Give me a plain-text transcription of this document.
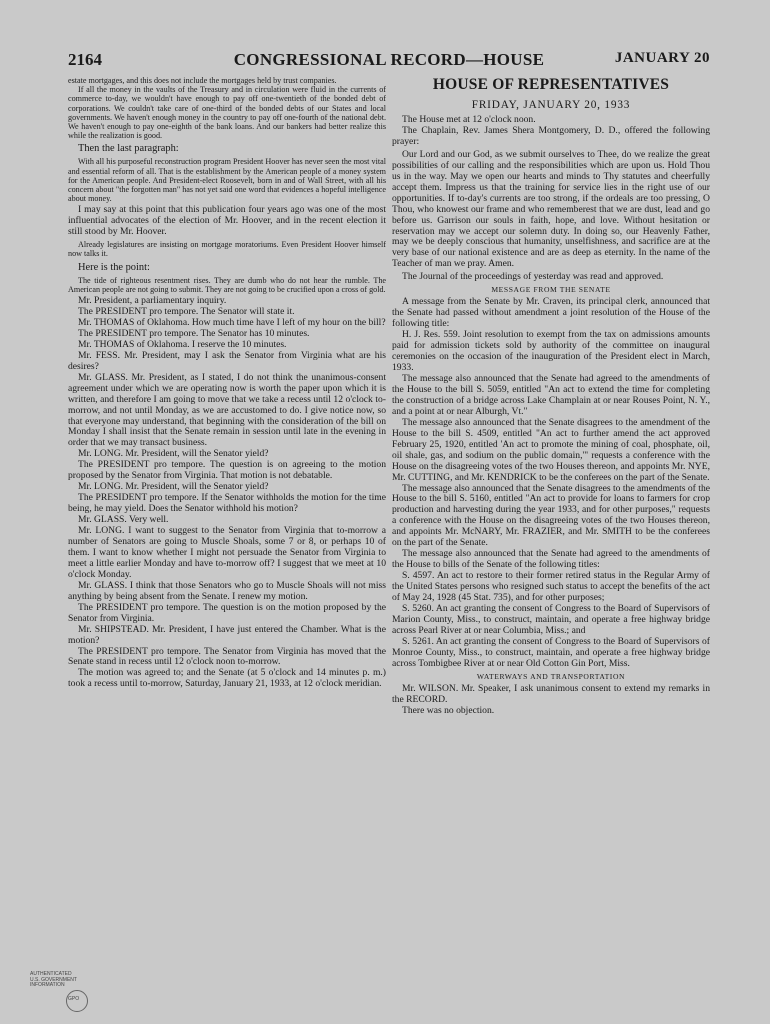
2164	CONGRESSIONAL RECORD—HOUSE	JANUARY 20

estate mortgages, and this does not include the mortgages held by trust companies.

If all the money in the vaults of the Treasury and in circulation were fluid in the currents of commerce to-day, we wouldn't have enough to pay off one-twentieth of the bonded debt of corporations. We couldn't take care of one-third of the bonded debts of our States and local governments. We haven't enough money in the country to pay off one-fourth of the national debt. We haven't enough to pay one-eighth of the bank loans. And our bankers had better realize this while the realization is good.

Then the last paragraph:

With all his purposeful reconstruction program President Hoover has never seen the most vital and essential reform of all. That is the establishment by the American people of a money system for the American people. And President-elect Roosevelt, born in and of Wall Street, with all his concern about "the forgotten man" has not yet said one word that evidences a hopeful intelligence about money.

I may say at this point that this publication four years ago was one of the most influential advocates of the election of Mr. Hoover, and in the recent election it still stood by Mr. Hoover.

Already legislatures are insisting on mortgage moratoriums. Even President Hoover himself now talks it.

Here is the point:

The tide of righteous resentment rises. They are dumb who do not hear the rumble. The American people are not going to submit. They are not going to be crucified upon a cross of gold.

Mr. President, a parliamentary inquiry.

The PRESIDENT pro tempore. The Senator will state it.

Mr. THOMAS of Oklahoma. How much time have I left of my hour on the bill?

The PRESIDENT pro tempore. The Senator has 10 minutes.

Mr. THOMAS of Oklahoma. I reserve the 10 minutes.

Mr. FESS. Mr. President, may I ask the Senator from Virginia what are his desires?

Mr. GLASS. Mr. President, as I stated, I do not think the unanimous-consent agreement under which we are operating now is worth the paper upon which it is written, and therefore I am going to move that we take a recess until 12 o'clock to-morrow, and not until Monday, as we are accustomed to do. I give notice now, so that everyone may understand, that beginning with the consideration of the bill on Monday I shall insist that the Senate remain in session until late in the evening in order that we may transact business.

Mr. LONG. Mr. President, will the Senator yield?

The PRESIDENT pro tempore. The question is on agreeing to the motion proposed by the Senator from Virginia. That motion is not debatable.

Mr. LONG. Mr. President, will the Senator yield?

The PRESIDENT pro tempore. If the Senator withholds the motion for the time being, he may yield. Does the Senator withhold his motion?

Mr. GLASS. Very well.

Mr. LONG. I want to suggest to the Senator from Virginia that to-morrow a number of Senators are going to Muscle Shoals, some 7 or 8, or perhaps 10 of them. I want to know whether I might not persuade the Senator from Virginia to meet a little earlier Monday and have to-morrow off? I suggest that we meet at 10 o'clock Monday.

Mr. GLASS. I think that those Senators who go to Muscle Shoals will not miss anything by being absent from the Senate. I renew my motion.

The PRESIDENT pro tempore. The question is on the motion proposed by the Senator from Virginia.

Mr. SHIPSTEAD. Mr. President, I have just entered the Chamber. What is the motion?

The PRESIDENT pro tempore. The Senator from Virginia has moved that the Senate stand in recess until 12 o'clock noon to-morrow.

The motion was agreed to; and the Senate (at 5 o'clock and 14 minutes p. m.) took a recess until to-morrow, Saturday, January 21, 1933, at 12 o'clock meridian.

HOUSE OF REPRESENTATIVES
FRIDAY, JANUARY 20, 1933

The House met at 12 o'clock noon.

The Chaplain, Rev. James Shera Montgomery, D. D., offered the following prayer:

Our Lord and our God, as we submit ourselves to Thee, do we realize the great possibilities of our calling and the responsibilities which are upon us. Hold Thou us in the way. May we open our hearts and minds to Thy statutes and cheerfully accept them. Impress us that the training for service lies in the right use of our opportunities. If to-day's currents are too strong, if the ordeals are too pressing, O Thou, who knowest our frame and who rememberest that we are dust, lead and go before us. Garrison our souls in faith, hope, and love. Without hesitation or reservation may we accept our solemn duty. In doing so, our Heavenly Father, may we be deeply conscious that humanity, unselfishness, and sacrifice are at the very base of our national existence and are as deep as eternity. In the name of the Teacher of man we pray. Amen.

The Journal of the proceedings of yesterday was read and approved.

MESSAGE FROM THE SENATE

A message from the Senate by Mr. Craven, its principal clerk, announced that the Senate had passed without amendment a joint resolution of the House of the following title:

H. J. Res. 559. Joint resolution to exempt from the tax on admissions amounts paid for admission tickets sold by authority of the committee on inaugural ceremonies on the occasion of the inauguration of the President elect in March, 1933.

The message also announced that the Senate had agreed to the amendments of the House to the bill S. 5059, entitled "An act to extend the time for completing the construction of a bridge across Lake Champlain at or near Rouses Point, N. Y., and a point at or near Alburgh, Vt."

The message also announced that the Senate disagrees to the amendment of the House to the bill S. 4509, entitled "An act to further amend the act approved February 25, 1920, entitled 'An act to promote the mining of coal, phosphate, oil, oil shale, gas, and sodium on the public domain,'" requests a conference with the House on the disagreeing votes of the two Houses thereon, and appoints Mr. NYE, Mr. CUTTING, and Mr. KENDRICK to be the conferees on the part of the Senate.

The message also announced that the Senate disagrees to the amendments of the House to the bill S. 5160, entitled "An act to provide for loans to farmers for crop production and harvesting during the year 1933, and for other purposes," requests a conference with the House on the disagreeing votes of the two Houses thereon, and appoints Mr. McNARY, Mr. FRAZIER, and Mr. SMITH to be the conferees on the part of the Senate.

The message also announced that the Senate had agreed to the amendments of the House to bills of the Senate of the following titles:

S. 4597. An act to restore to their former retired status in the Regular Army of the United States persons who resigned such status to accept the benefits of the act of May 24, 1928 (45 Stat. 735), and for other purposes;

S. 5260. An act granting the consent of Congress to the Board of Supervisors of Marion County, Miss., to construct, maintain, and operate a free highway bridge across Pearl River at or near Columbia, Miss.; and

S. 5261. An act granting the consent of Congress to the Board of Supervisors of Monroe County, Miss., to construct, maintain, and operate a free highway bridge across Tombigbee River at or near Old Cotton Gin Port, Miss.

WATERWAYS AND TRANSPORTATION

Mr. WILSON. Mr. Speaker, I ask unanimous consent to extend my remarks in the RECORD.

There was no objection.

AUTHENTICATED U.S. GOVERNMENT INFORMATION
GPO
